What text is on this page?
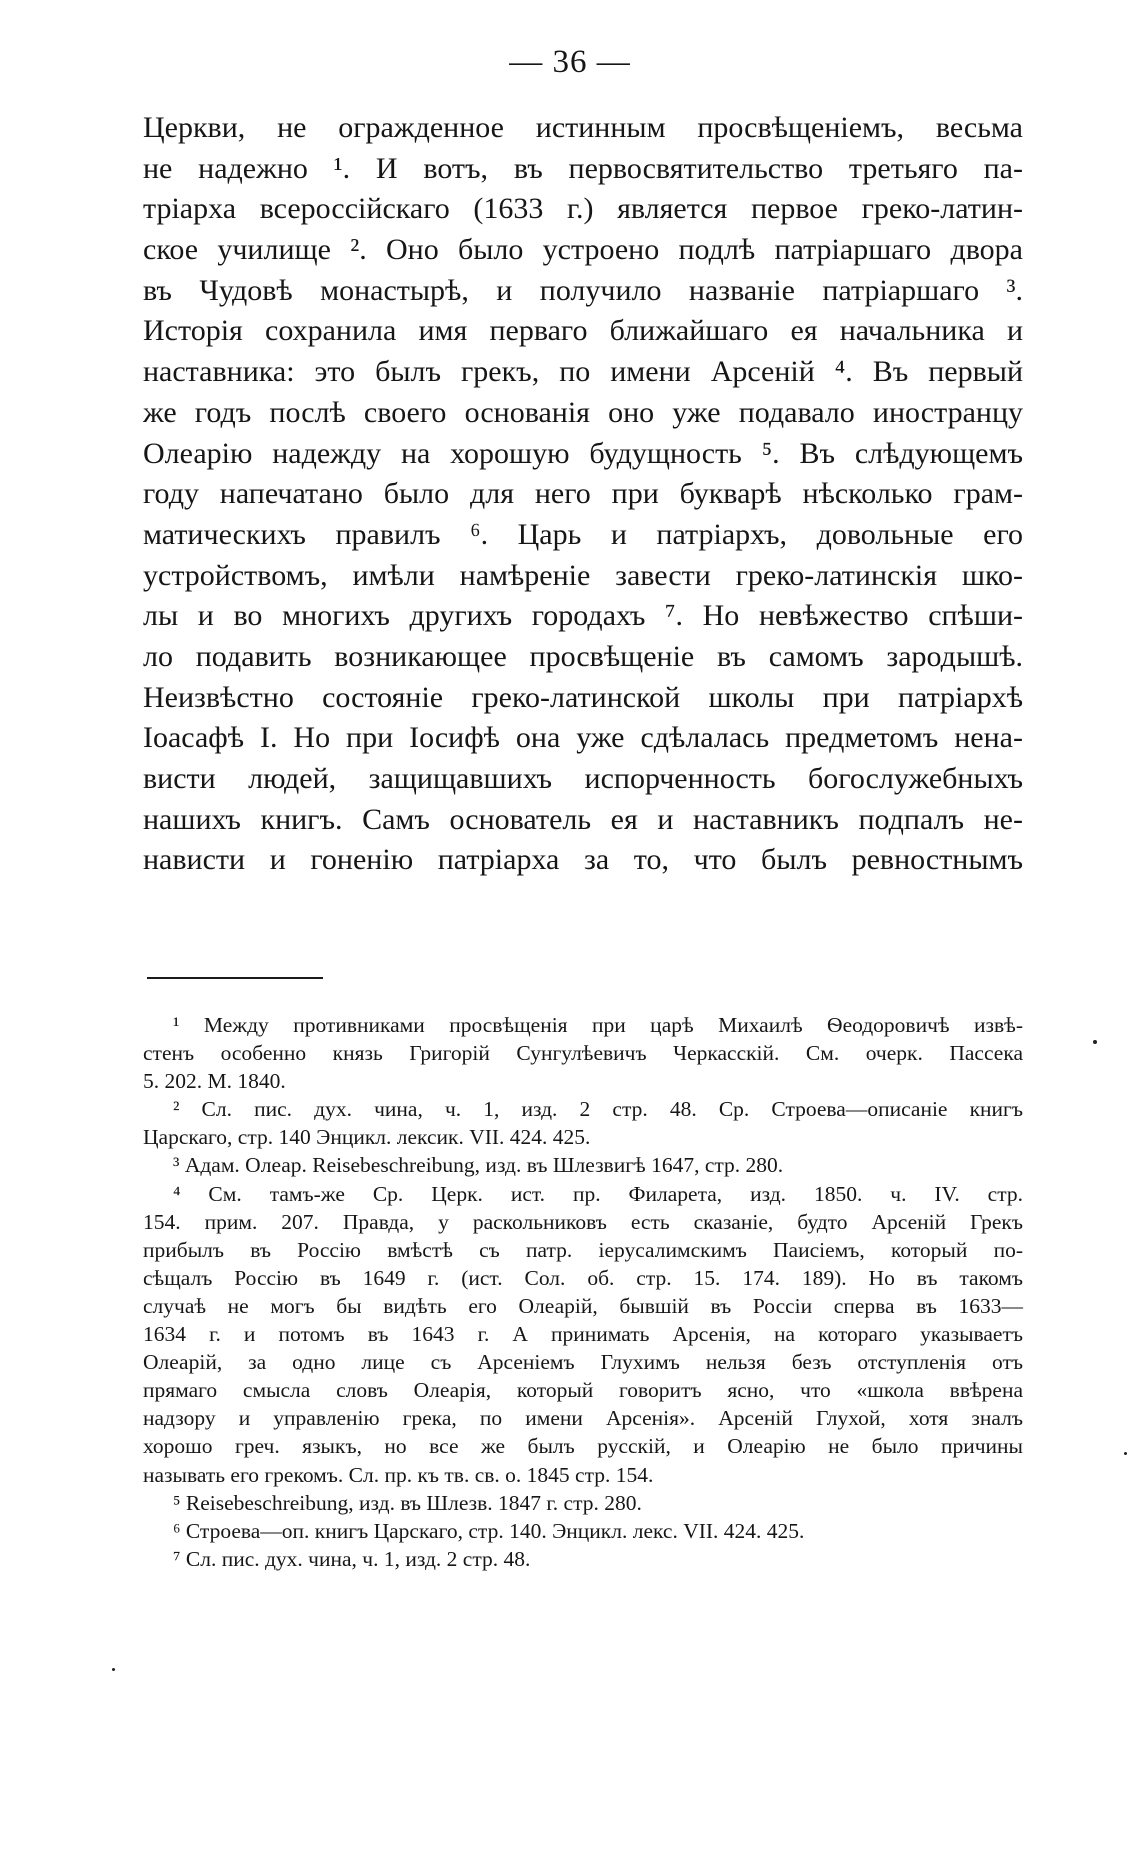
— 36 —
Церкви, не огражденное истинным просвѣщеніемъ, весьма
не надежно ¹. И вотъ, въ первосвятительство третьяго па-
тріарха всероссійскаго (1633 г.) является первое греко-латин-
ское училище ². Оно было устроено подлѣ патріаршаго двора
въ Чудовѣ монастырѣ, и получило названіе патріаршаго ³.
Исторія сохранила имя перваго ближайшаго ея начальника и
наставника: это былъ грекъ, по имени Арсеній ⁴. Въ первый
же годъ послѣ своего основанія оно уже подавало иностранцу
Олеарію надежду на хорошую будущность ⁵. Въ слѣдующемъ
году напечатано было для него при букварѣ нѣсколько грам-
матическихъ правилъ ⁶. Царь и патріархъ, довольные его
устройствомъ, имѣли намѣреніе завести греко-латинскія шко-
лы и во многихъ другихъ городахъ ⁷. Но невѣжество спѣши-
ло подавить возникающее просвѣщеніе въ самомъ зародышѣ.
Неизвѣстно состояніе греко-латинской школы при патріархѣ
Іоасафѣ I. Но при Іосифѣ она уже сдѣлалась предметомъ нена-
висти людей, защищавшихъ испорченность богослужебныхъ
нашихъ книгъ. Самъ основатель ея и наставникъ подпалъ не-
нависти и гоненію патріарха за то, что былъ ревностнымъ
¹ Между противниками просвѣщенія при царѣ Михаилѣ Ѳеодоровичѣ извѣ-
стенъ особенно князь Григорій Сунгулѣевичъ Черкасскій. См. очерк. Пассека
5. 202. М. 1840.
² Сл. пис. дух. чина, ч. 1, изд. 2 стр. 48. Ср. Строева—описаніе книгъ
Царскаго, стр. 140 Энцикл. лексик. VII. 424. 425.
³ Адам. Олеар. Reisebeschreibung, изд. въ Шлезвигѣ 1647, стр. 280.
⁴ См. тамъ-же Ср. Церк. ист. пр. Филарета, изд. 1850. ч. IV. стр.
154. прим. 207. Правда, у раскольниковъ есть сказаніе, будто Арсеній Грекъ
прибылъ въ Россію вмѣстѣ съ патр. іерусалимскимъ Паисіемъ, который по-
сѣщалъ Россію въ 1649 г. (ист. Сол. об. стр. 15. 174. 189). Но въ такомъ
случаѣ не могъ бы видѣть его Олеарій, бывшій въ Россіи сперва въ 1633—
1634 г. и потомъ въ 1643 г. А принимать Арсенія, на котораго указываетъ
Олеарій, за одно лице съ Арсеніемъ Глухимъ нельзя безъ отступленія отъ
прямаго смысла словъ Олеарія, который говоритъ ясно, что «школа ввѣрена
надзору и управленію грека, по имени Арсенія». Арсеній Глухой, хотя зналъ
хорошо греч. языкъ, но все же былъ русскій, и Олеарію не было причины
называть его грекомъ. Сл. пр. къ тв. св. о. 1845 стр. 154.
⁵ Reisebeschreibung, изд. въ Шлезв. 1847 г. стр. 280.
⁶ Строева—оп. книгъ Царскаго, стр. 140. Энцикл. лекс. VII. 424. 425.
⁷ Сл. пис. дух. чина, ч. 1, изд. 2 стр. 48.
